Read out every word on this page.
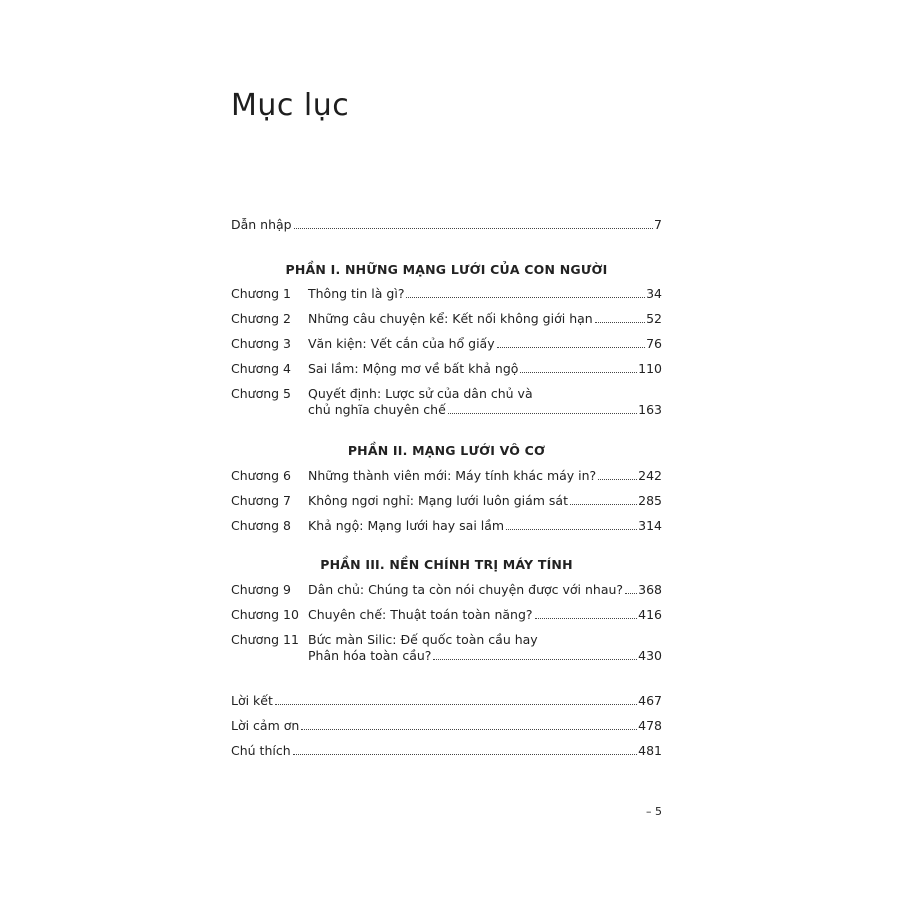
Mục lục
Dẫn nhập	7
PHẦN I. NHỮNG MẠNG LƯỚI CỦA CON NGƯỜI
Chương 1 Thông tin là gì?	34
Chương 2 Những câu chuyện kể: Kết nối không giới hạn	52
Chương 3 Văn kiện: Vết cắn của hổ giấy	76
Chương 4 Sai lầm: Mộng mơ về bất khả ngộ	110
Chương 5 Quyết định: Lược sử của dân chủ và
chủ nghĩa chuyên chế	163
PHẦN II. MẠNG LƯỚI VÔ CƠ
Chương 6 Những thành viên mới: Máy tính khác máy in?	242
Chương 7 Không ngơi nghỉ: Mạng lưới luôn giám sát	285
Chương 8 Khả ngộ: Mạng lưới hay sai lầm	314
PHẦN III. NỀN CHÍNH TRỊ MÁY TÍNH
Chương 9 Dân chủ: Chúng ta còn nói chuyện được với nhau? 368
Chương 10 Chuyên chế: Thuật toán toàn năng?	416
Chương 11 Bức màn Silic: Đế quốc toàn cầu hay
Phân hóa toàn cầu?	430
Lời kết	467
Lời cảm ơn	478
Chú thích	481
– 5
